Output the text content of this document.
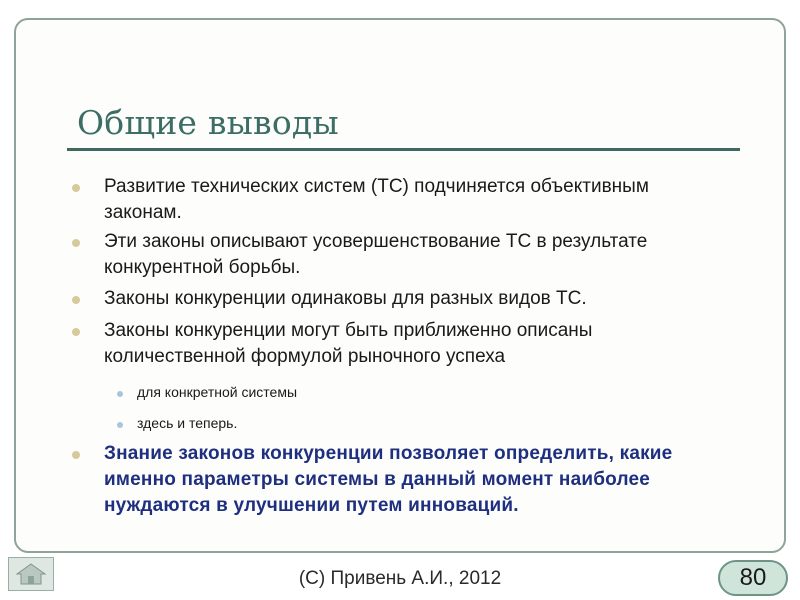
Общие выводы
Развитие технических систем (ТС) подчиняется объективным законам.
Эти законы описывают усовершенствование ТС в результате конкурентной борьбы.
Законы конкуренции одинаковы для разных видов ТС.
Законы конкуренции могут быть приближенно описаны количественной формулой рыночного успеха
для конкретной системы
здесь и теперь.
Знание законов конкуренции позволяет определить, какие именно параметры системы в данный момент наиболее нуждаются в улучшении путем инноваций.
(С) Привень А.И., 2012	80
